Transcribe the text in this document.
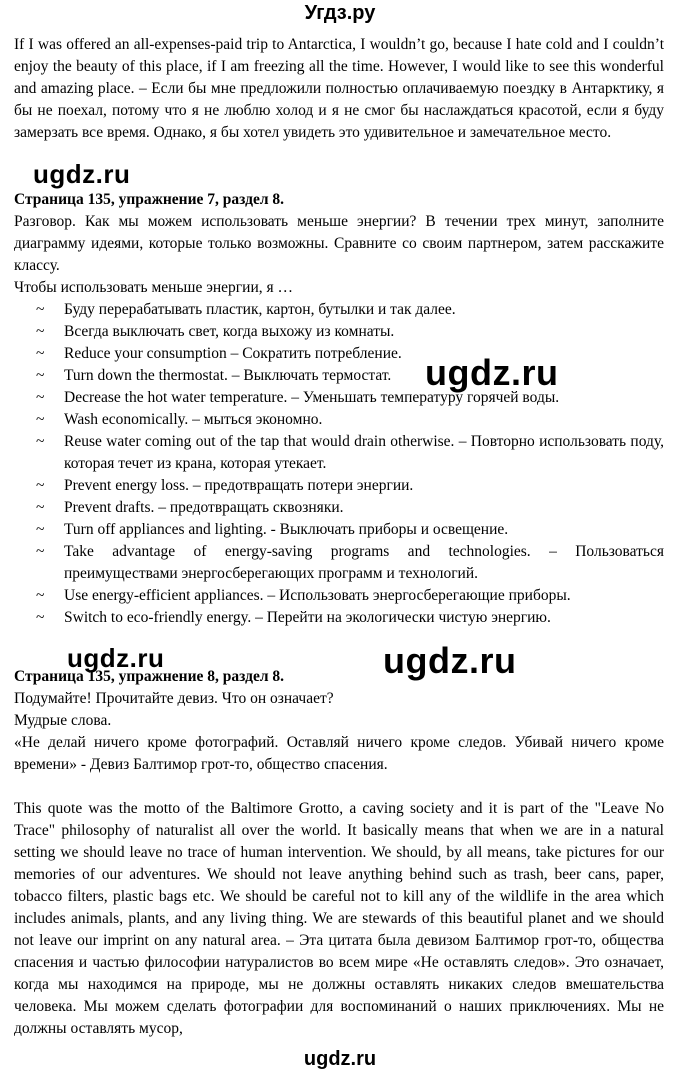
Угдз.ру
If I was offered an all-expenses-paid trip to Antarctica, I wouldn’t go, because I hate cold and I couldn’t enjoy the beauty of this place, if I am freezing all the time. However, I would like to see this wonderful and amazing place. – Если бы мне предложили полностью оплачиваемую поездку в Антарктику, я бы не поехал, потому что я не люблю холод и я не смог бы наслаждаться красотой, если я буду замерзать все время. Однако, я бы хотел увидеть это удивительное и замечательное место.
ugdz.ru
Страница 135, упражнение 7, раздел 8.
Разговор. Как мы можем использовать меньше энергии? В течении трех минут, заполните диаграмму идеями, которые только возможны. Сравните со своим партнером, затем расскажите классу.
Чтобы использовать меньше энергии, я …
~ Буду перерабатывать пластик, картон, бутылки и так далее.
~ Всегда выключать свет, когда выхожу из комнаты.
~ Reduce your consumption – Сократить потребление.
~ Turn down the thermostat. – Выключать термостат.
~ Decrease the hot water temperature. – Уменьшать температуру горячей воды.
~ Wash economically. – мыться экономно.
~ Reuse water coming out of the tap that would drain otherwise. – Повторно использовать поду, которая течет из крана, которая утекает.
~ Prevent energy loss. – предотвращать потери энергии.
~ Prevent drafts. – предотвращать сквозняки.
~ Turn off appliances and lighting. - Выключать приборы и освещение.
~ Take advantage of energy-saving programs and technologies. – Пользоваться преимуществами энергосберегающих программ и технологий.
~ Use energy-efficient appliances. – Использовать энергосберегающие приборы.
~ Switch to eco-friendly energy. – Перейти на экологически чистую энергию.
ugdz.ru
ugdz.ru	ugdz.ru
Страница 135, упражнение 8, раздел 8.
Подумайте! Прочитайте девиз. Что он означает?
Мудрые слова.
«Не делай ничего кроме фотографий. Оставляй ничего кроме следов. Убивай ничего кроме времени» - Девиз Балтимор грот-то, общество спасения.
This quote was the motto of the Baltimore Grotto, a caving society and it is part of the "Leave No Trace" philosophy of naturalist all over the world. It basically means that when we are in a natural setting we should leave no trace of human intervention. We should, by all means, take pictures for our memories of our adventures. We should not leave anything behind such as trash, beer cans, paper, tobacco filters, plastic bags etc. We should be careful not to kill any of the wildlife in the area which includes animals, plants, and any living thing. We are stewards of this beautiful planet and we should not leave our imprint on any natural area. – Эта цитата была девизом Балтимор грот-то, общества спасения и частью философии натуралистов во всем мире «Не оставлять следов». Это означает, когда мы находимся на природе, мы не должны оставлять никаких следов вмешательства человека. Мы можем сделать фотографии для воспоминаний о наших приключениях. Мы не должны оставлять мусор,
ugdz.ru
